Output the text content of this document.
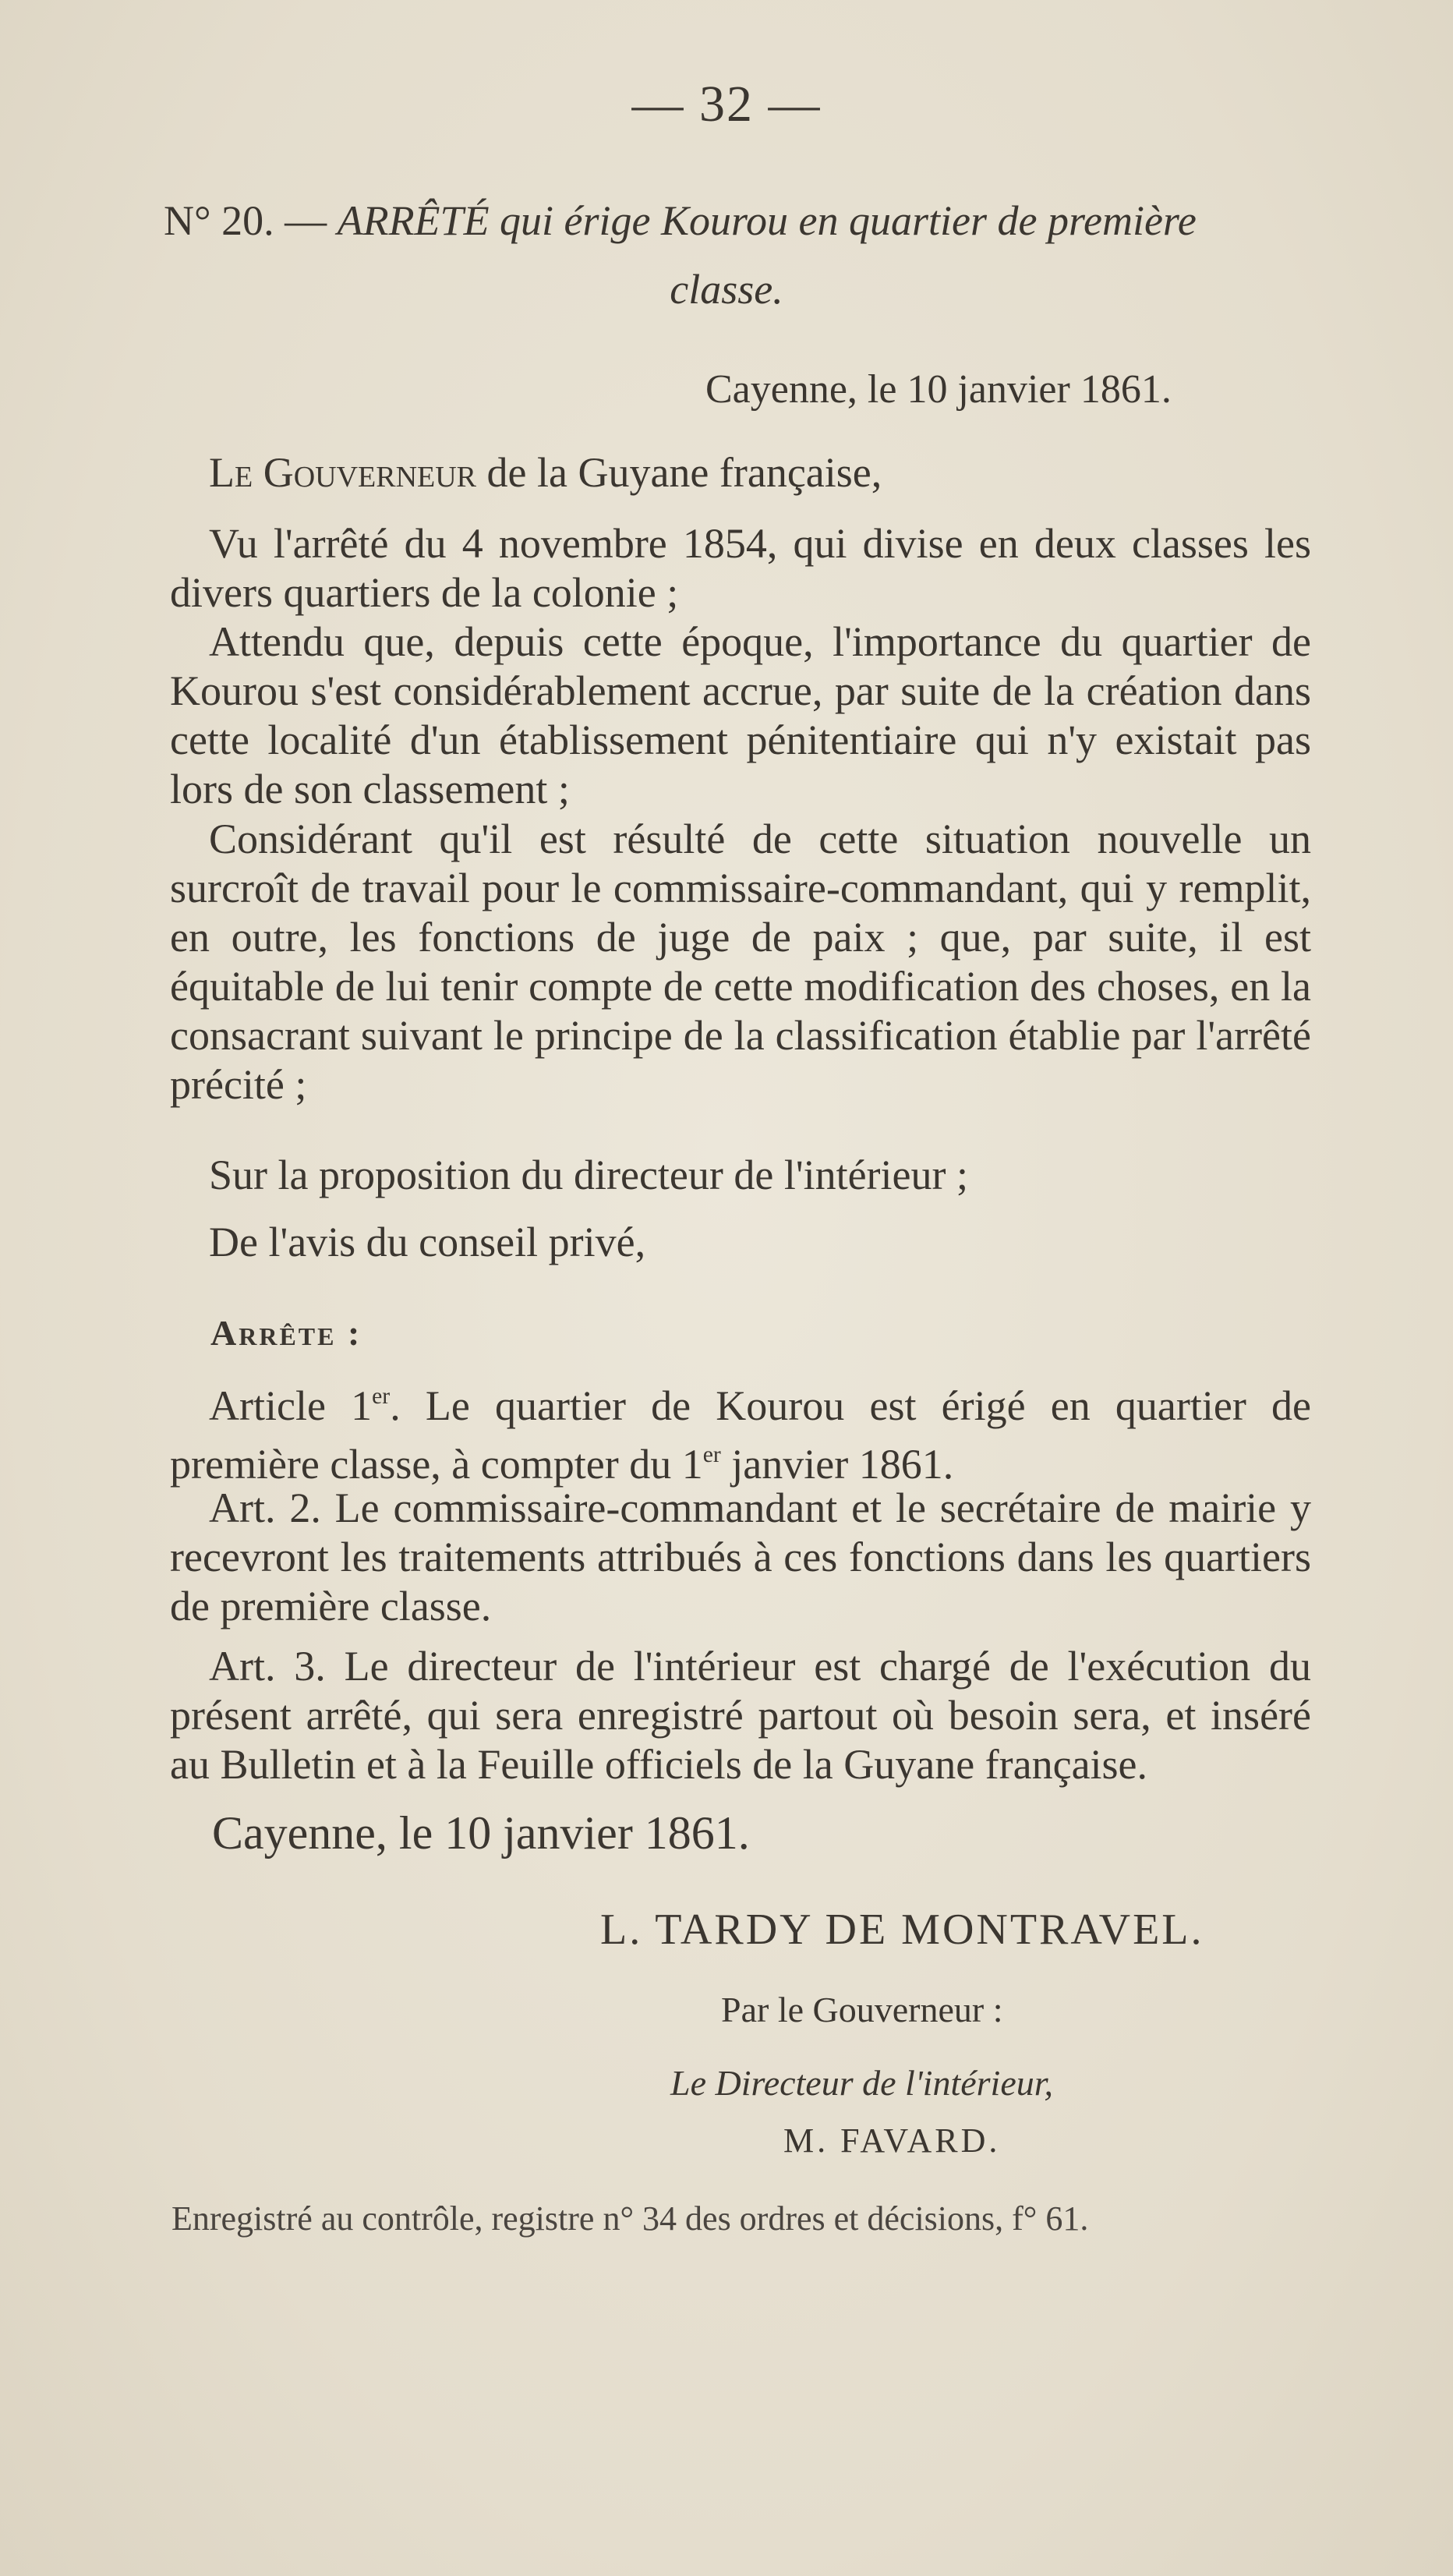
— 32 —
N° 20. — ARRÊTÉ qui érige Kourou en quartier de première
classe.
Cayenne, le 10 janvier 1861.
Le Gouverneur de la Guyane française,
Vu l'arrêté du 4 novembre 1854, qui divise en deux classes les divers quartiers de la colonie ;
Attendu que, depuis cette époque, l'importance du quartier de Kourou s'est considérablement accrue, par suite de la création dans cette localité d'un établissement pénitentiaire qui n'y existait pas lors de son classement ;
Considérant qu'il est résulté de cette situation nouvelle un surcroît de travail pour le commissaire-commandant, qui y remplit, en outre, les fonctions de juge de paix ; que, par suite, il est équitable de lui tenir compte de cette modification des choses, en la consacrant suivant le principe de la classification établie par l'arrêté précité ;
Sur la proposition du directeur de l'intérieur ;
De l'avis du conseil privé,
Arrête :
Article 1er. Le quartier de Kourou est érigé en quartier de première classe, à compter du 1er janvier 1861.
Art. 2. Le commissaire-commandant et le secrétaire de mairie y recevront les traitements attribués à ces fonctions dans les quartiers de première classe.
Art. 3. Le directeur de l'intérieur est chargé de l'exécution du présent arrêté, qui sera enregistré partout où besoin sera, et inséré au Bulletin et à la Feuille officiels de la Guyane française.
Cayenne, le 10 janvier 1861.
L. TARDY DE MONTRAVEL.
Par le Gouverneur :
Le Directeur de l'intérieur,
M. FAVARD.
Enregistré au contrôle, registre n° 34 des ordres et décisions, f° 61.
